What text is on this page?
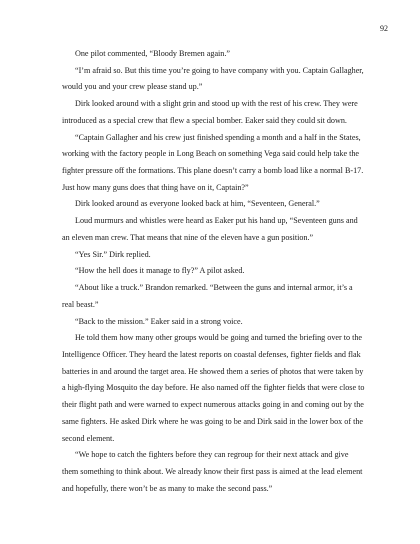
92

One pilot commented, “Bloody Bremen again.”

“I’m afraid so. But this time you’re going to have company with you. Captain Gallagher, would you and your crew please stand up.”

Dirk looked around with a slight grin and stood up with the rest of his crew. They were introduced as a special crew that flew a special bomber. Eaker said they could sit down.

“Captain Gallagher and his crew just finished spending a month and a half in the States, working with the factory people in Long Beach on something Vega said could help take the fighter pressure off the formations. This plane doesn’t carry a bomb load like a normal B-17. Just how many guns does that thing have on it, Captain?”

Dirk looked around as everyone looked back at him, “Seventeen, General.”

Loud murmurs and whistles were heard as Eaker put his hand up, “Seventeen guns and an eleven man crew. That means that nine of the eleven have a gun position.”

“Yes Sir.” Dirk replied.

“How the hell does it manage to fly?” A pilot asked.

“About like a truck.” Brandon remarked. “Between the guns and internal armor, it’s a real beast.”

“Back to the mission.” Eaker said in a strong voice.

He told them how many other groups would be going and turned the briefing over to the Intelligence Officer. They heard the latest reports on coastal defenses, fighter fields and flak batteries in and around the target area. He showed them a series of photos that were taken by a high-flying Mosquito the day before. He also named off the fighter fields that were close to their flight path and were warned to expect numerous attacks going in and coming out by the same fighters. He asked Dirk where he was going to be and Dirk said in the lower box of the second element.

“We hope to catch the fighters before they can regroup for their next attack and give them something to think about. We already know their first pass is aimed at the lead element and hopefully, there won’t be as many to make the second pass.”
